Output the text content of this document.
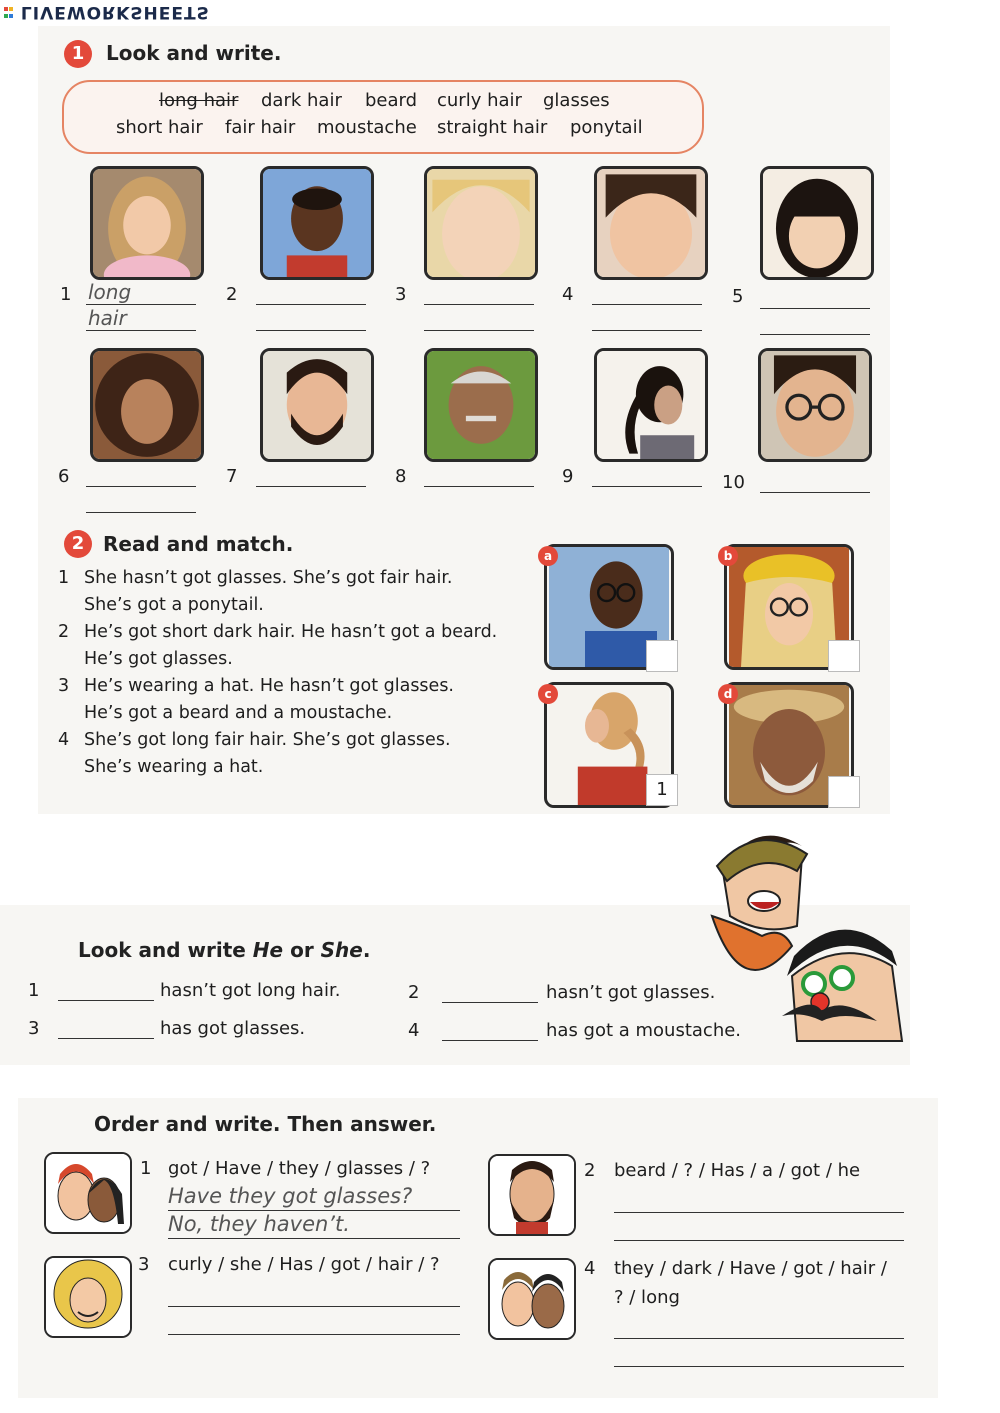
LIVEWORKSHEETS
1	Look and write.
long hair dark hair beard curly hair glasses
short hair fair hair moustache straight hair ponytail
1 long
hair
2	3	4	5
6	7	8	9	10
2 Read and match.
1 She hasn’t got glasses. She’s got fair hair.
She’s got a ponytail.
2 He’s got short dark hair. He hasn’t got a beard.
He’s got glasses.
3 He’s wearing a hat. He hasn’t got glasses.
He’s got a beard and a moustache.
4 She’s got long fair hair. She’s got glasses.
She’s wearing a hat.
a	b
c
1
d
Look and write He or She.
1	hasn’t got long hair.	2	hasn’t got glasses.
3	has got glasses.	4	has got a moustache.
Order and write. Then answer.
1 got / Have / they / glasses / ?
Have they got glasses?
No, they haven’t.
2 beard / ? / Has / a / got / he
3 curly / she / Has / got / hair / ?	4 they / dark / Have / got / hair /
? / long
